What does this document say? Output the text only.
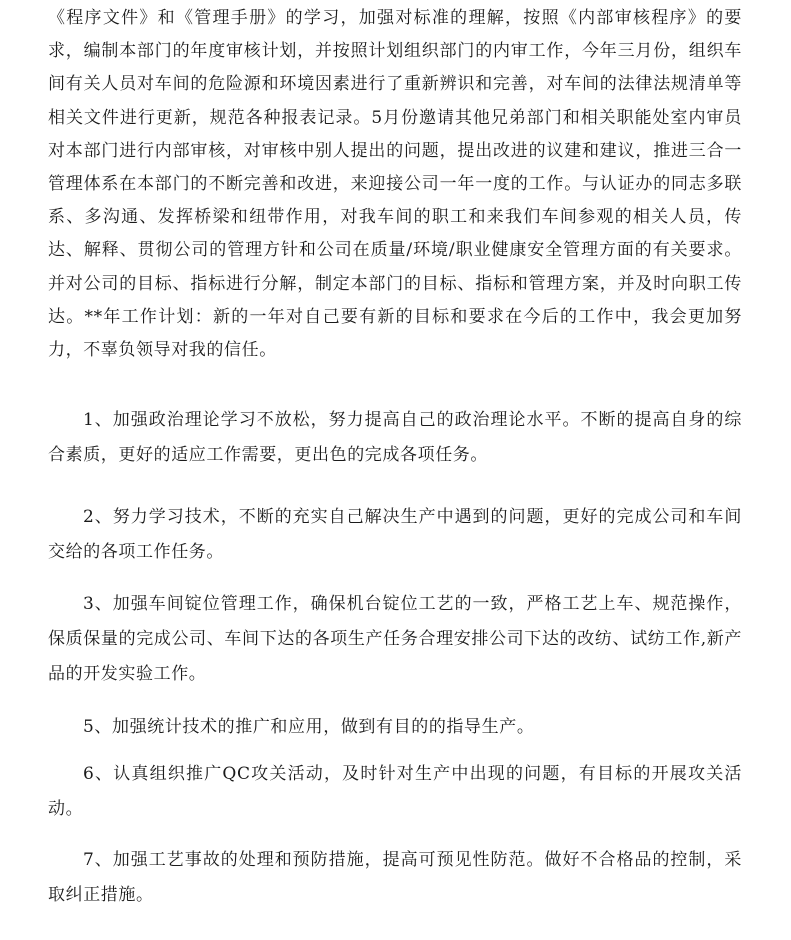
《程序文件》和《管理手册》的学习，加强对标准的理解，按照《内部审核程序》的要求，编制本部门的年度审核计划，并按照计划组织部门的内审工作，今年三月份，组织车间有关人员对车间的危险源和环境因素进行了重新辨识和完善，对车间的法律法规清单等相关文件进行更新，规范各种报表记录。5月份邀请其他兄弟部门和相关职能处室内审员对本部门进行内部审核，对审核中别人提出的问题，提出改进的议建和建议，推进三合一管理体系在本部门的不断完善和改进，来迎接公司一年一度的工作。与认证办的同志多联系、多沟通、发挥桥梁和纽带作用，对我车间的职工和来我们车间参观的相关人员，传达、解释、贯彻公司的管理方针和公司在质量/环境/职业健康安全管理方面的有关要求。并对公司的目标、指标进行分解，制定本部门的目标、指标和管理方案，并及时向职工传达。**年工作计划：新的一年对自己要有新的目标和要求在今后的工作中，我会更加努力，不辜负领导对我的信任。

1、加强政治理论学习不放松，努力提高自己的政治理论水平。不断的提高自身的综合素质，更好的适应工作需要，更出色的完成各项任务。

2、努力学习技术，不断的充实自己解决生产中遇到的问题，更好的完成公司和车间交给的各项工作任务。

3、加强车间锭位管理工作，确保机台锭位工艺的一致，严格工艺上车、规范操作，保质保量的完成公司、车间下达的各项生产任务合理安排公司下达的改纺、试纺工作,新产品的开发实验工作。

5、加强统计技术的推广和应用，做到有目的的指导生产。

6、认真组织推广QC攻关活动，及时针对生产中出现的问题，有目标的开展攻关活动。

7、加强工艺事故的处理和预防措施，提高可预见性防范。做好不合格品的控制，采取纠正措施。
